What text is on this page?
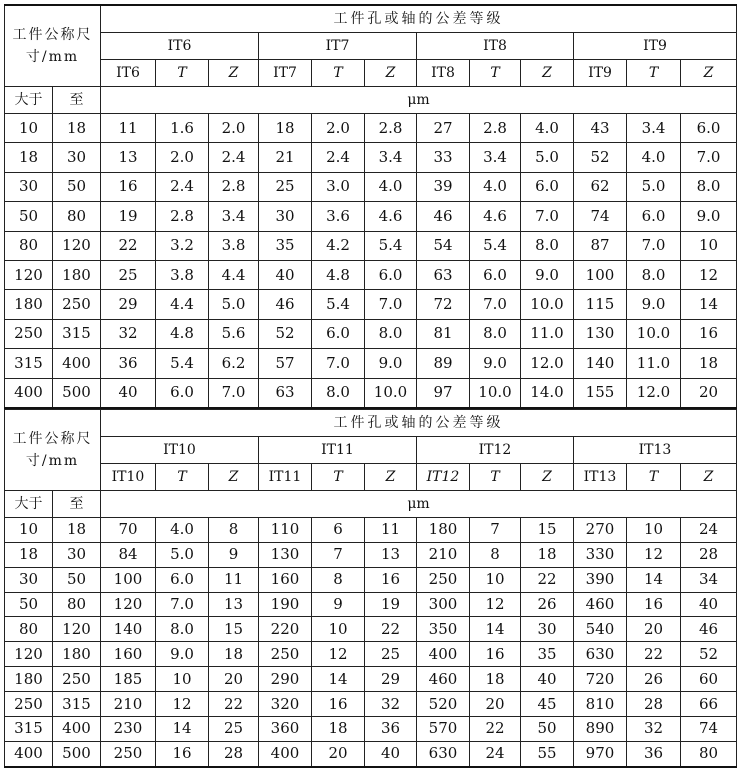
工件公称尺寸/mm		工件孔或轴的公差等级											
		IT6			IT7			IT8			IT9		
		IT6	T	Z	IT7	T	Z	IT8	T	Z	IT9	T	Z
大于	至	μm											
10	18	11	1.6	2.0	18	2.0	2.8	27	2.8	4.0	43	3.4	6.0
18	30	13	2.0	2.4	21	2.4	3.4	33	3.4	5.0	52	4.0	7.0
30	50	16	2.4	2.8	25	3.0	4.0	39	4.0	6.0	62	5.0	8.0
50	80	19	2.8	3.4	30	3.6	4.6	46	4.6	7.0	74	6.0	9.0
80	120	22	3.2	3.8	35	4.2	5.4	54	5.4	8.0	87	7.0	10
120	180	25	3.8	4.4	40	4.8	6.0	63	6.0	9.0	100	8.0	12
180	250	29	4.4	5.0	46	5.4	7.0	72	7.0	10.0	115	9.0	14
250	315	32	4.8	5.6	52	6.0	8.0	81	8.0	11.0	130	10.0	16
315	400	36	5.4	6.2	57	7.0	9.0	89	9.0	12.0	140	11.0	18
400	500	40	6.0	7.0	63	8.0	10.0	97	10.0	14.0	155	12.0	20
工件公称尺寸/mm		工件孔或轴的公差等级											
		IT10			IT11			IT12			IT13		
		IT10	T	Z	IT11	T	Z	IT12	T	Z	IT13	T	Z
大于	至	μm											
10	18	70	4.0	8	110	6	11	180	7	15	270	10	24
18	30	84	5.0	9	130	7	13	210	8	18	330	12	28
30	50	100	6.0	11	160	8	16	250	10	22	390	14	34
50	80	120	7.0	13	190	9	19	300	12	26	460	16	40
80	120	140	8.0	15	220	10	22	350	14	30	540	20	46
120	180	160	9.0	18	250	12	25	400	16	35	630	22	52
180	250	185	10	20	290	14	29	460	18	40	720	26	60
250	315	210	12	22	320	16	32	520	20	45	810	28	66
315	400	230	14	25	360	18	36	570	22	50	890	32	74
400	500	250	16	28	400	20	40	630	24	55	970	36	80
